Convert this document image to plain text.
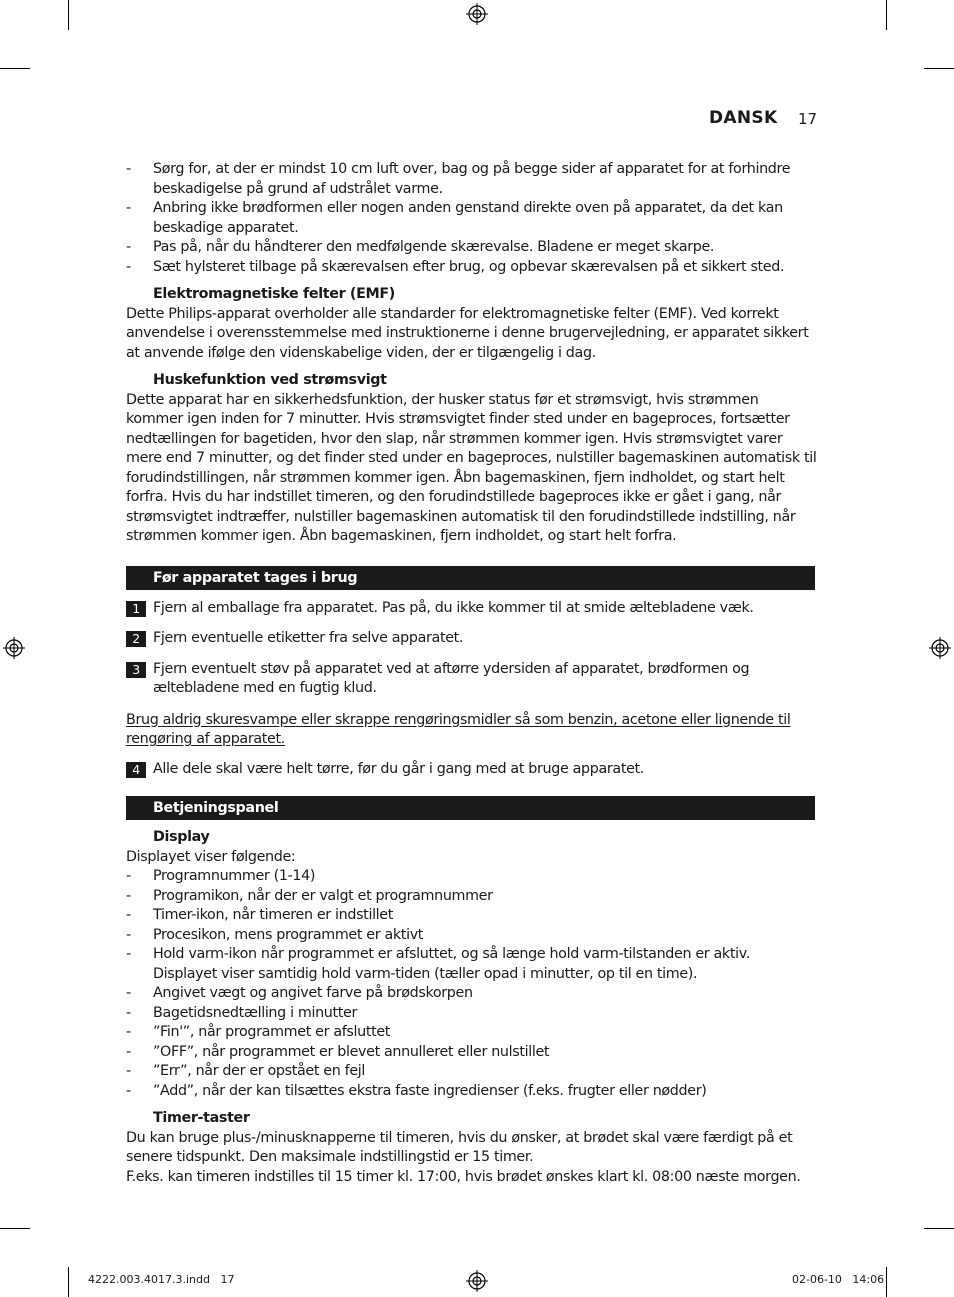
DANSK 17
- Sørg for, at der er mindst 10 cm luft over, bag og på begge sider af apparatet for at forhindre beskadigelse på grund af udstrålet varme.
- Anbring ikke brødformen eller nogen anden genstand direkte oven på apparatet, da det kan beskadige apparatet.
- Pas på, når du håndterer den medfølgende skærevalse. Bladene er meget skarpe.
- Sæt hylsteret tilbage på skærevalsen efter brug, og opbevar skærevalsen på et sikkert sted.
Elektromagnetiske felter (EMF)
Dette Philips-apparat overholder alle standarder for elektromagnetiske felter (EMF). Ved korrekt anvendelse i overensstemmelse med instruktionerne i denne brugervejledning, er apparatet sikkert at anvende ifølge den videnskabelige viden, der er tilgængelig i dag.
Huskefunktion ved strømsvigt
Dette apparat har en sikkerhedsfunktion, der husker status før et strømsvigt, hvis strømmen kommer igen inden for 7 minutter. Hvis strømsvigtet finder sted under en bageproces, fortsætter nedtællingen for bagetiden, hvor den slap, når strømmen kommer igen. Hvis strømsvigtet varer mere end 7 minutter, og det finder sted under en bageproces, nulstiller bagemaskinen automatisk til forudindstillingen, når strømmen kommer igen. Åbn bagemaskinen, fjern indholdet, og start helt forfra. Hvis du har indstillet timeren, og den forudindstillede bageproces ikke er gået i gang, når strømsvigtet indtræffer, nulstiller bagemaskinen automatisk til den forudindstillede indstilling, når strømmen kommer igen. Åbn bagemaskinen, fjern indholdet, og start helt forfra.
Før apparatet tages i brug
1 Fjern al emballage fra apparatet. Pas på, du ikke kommer til at smide æltebladene væk.
2 Fjern eventuelle etiketter fra selve apparatet.
3 Fjern eventuelt støv på apparatet ved at aftørre ydersiden af apparatet, brødformen og æltebladene med en fugtig klud.
Brug aldrig skuresvampe eller skrappe rengøringsmidler så som benzin, acetone eller lignende til rengøring af apparatet.
4 Alle dele skal være helt tørre, før du går i gang med at bruge apparatet.
Betjeningspanel
Display
Displayet viser følgende:
- Programnummer (1-14)
- Programikon, når der er valgt et programnummer
- Timer-ikon, når timeren er indstillet
- Procesikon, mens programmet er aktivt
- Hold varm-ikon når programmet er afsluttet, og så længe hold varm-tilstanden er aktiv. Displayet viser samtidig hold varm-tiden (tæller opad i minutter, op til en time).
- Angivet vægt og angivet farve på brødskorpen
- Bagetidsnedtælling i minutter
- ”Fin'”, når programmet er afsluttet
- ”OFF”, når programmet er blevet annulleret eller nulstillet
- ”Err”, når der er opstået en fejl
- ”Add”, når der kan tilsættes ekstra faste ingredienser (f.eks. frugter eller nødder)
Timer-taster
Du kan bruge plus-/minusknapperne til timeren, hvis du ønsker, at brødet skal være færdigt på et senere tidspunkt. Den maksimale indstillingstid er 15 timer.
F.eks. kan timeren indstilles til 15 timer kl. 17:00, hvis brødet ønskes klart kl. 08:00 næste morgen.
4222.003.4017.3.indd   17	02-06-10   14:06
